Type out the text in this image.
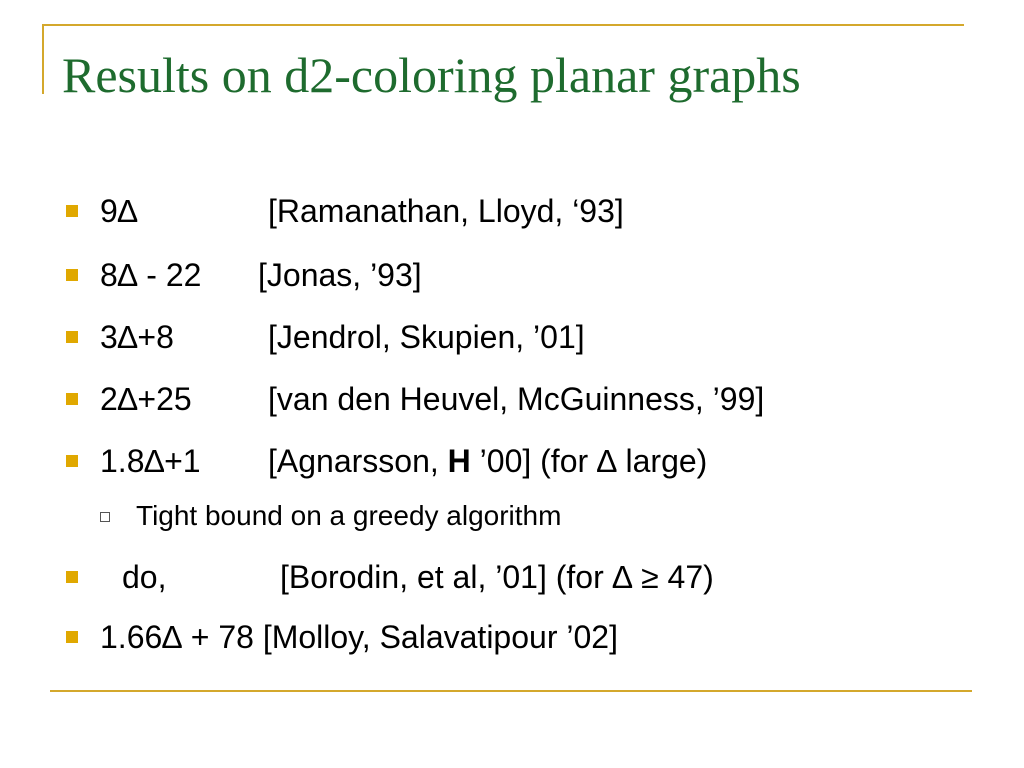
Results on d2-coloring planar graphs
9∆	[Ramanathan, Lloyd, ‘93]
8∆ - 22 [Jonas, ’93]
3∆+8	[Jendrol, Skupien, ’01]
2∆+25 [van den Heuvel, McGuinness, ’99]
1.8∆+1 [Agnarsson, H ’00] (for ∆ large)
Tight bound on a greedy algorithm
do,	[Borodin, et al, ’01] (for ∆ ≥ 47)
1.66∆ + 78 [Molloy, Salavatipour ’02]
